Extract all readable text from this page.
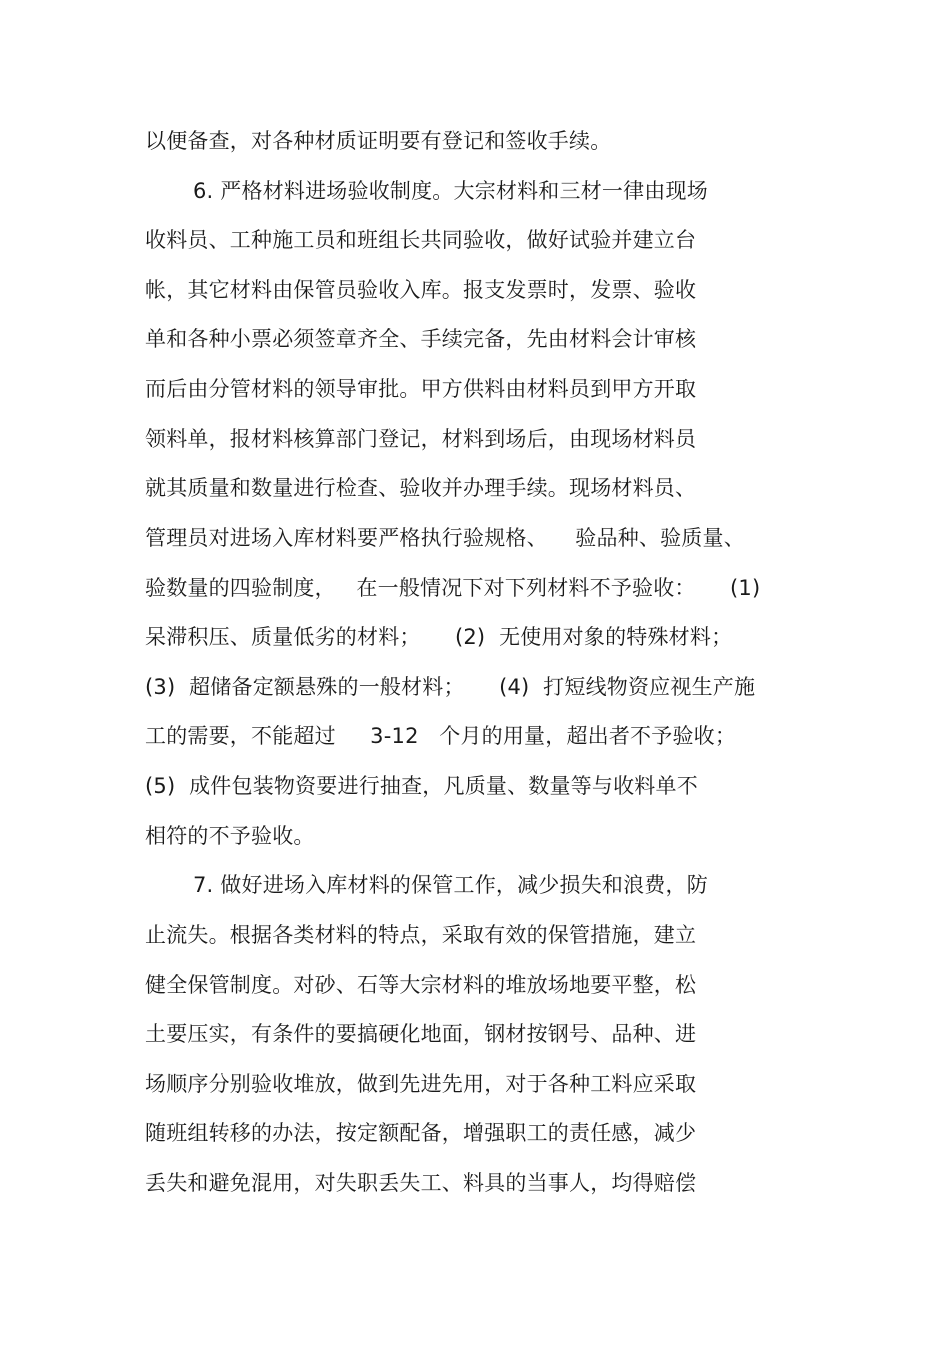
以便备查，对各种材质证明要有登记和签收手续。
6. 严格材料进场验收制度。大宗材料和三材一律由现场
收料员、工种施工员和班组长共同验收，做好试验并建立台
帐，其它材料由保管员验收入库。报支发票时，发票、验收
单和各种小票必须签章齐全、手续完备，先由材料会计审核
而后由分管材料的领导审批。甲方供料由材料员到甲方开取
领料单，报材料核算部门登记，材料到场后，由现场材料员
就其质量和数量进行检查、验收并办理手续。现场材料员、
管理员对进场入库材料要严格执行验规格、    验品种、验质量、
验数量的四验制度，   在一般情况下对下列材料不予验收：     (1)
呆滞积压、质量低劣的材料；     (2)  无使用对象的特殊材料；
(3)  超储备定额悬殊的一般材料；     (4)  打短线物资应视生产施
工的需要，不能超过     3-12   个月的用量，超出者不予验收；
(5)  成件包装物资要进行抽查，凡质量、数量等与收料单不
相符的不予验收。
7. 做好进场入库材料的保管工作，减少损失和浪费，防
止流失。根据各类材料的特点，采取有效的保管措施，建立
健全保管制度。对砂、石等大宗材料的堆放场地要平整，松
土要压实，有条件的要搞硬化地面，钢材按钢号、品种、进
场顺序分别验收堆放，做到先进先用，对于各种工料应采取
随班组转移的办法，按定额配备，增强职工的责任感，减少
丢失和避免混用，对失职丢失工、料具的当事人，均得赔偿
